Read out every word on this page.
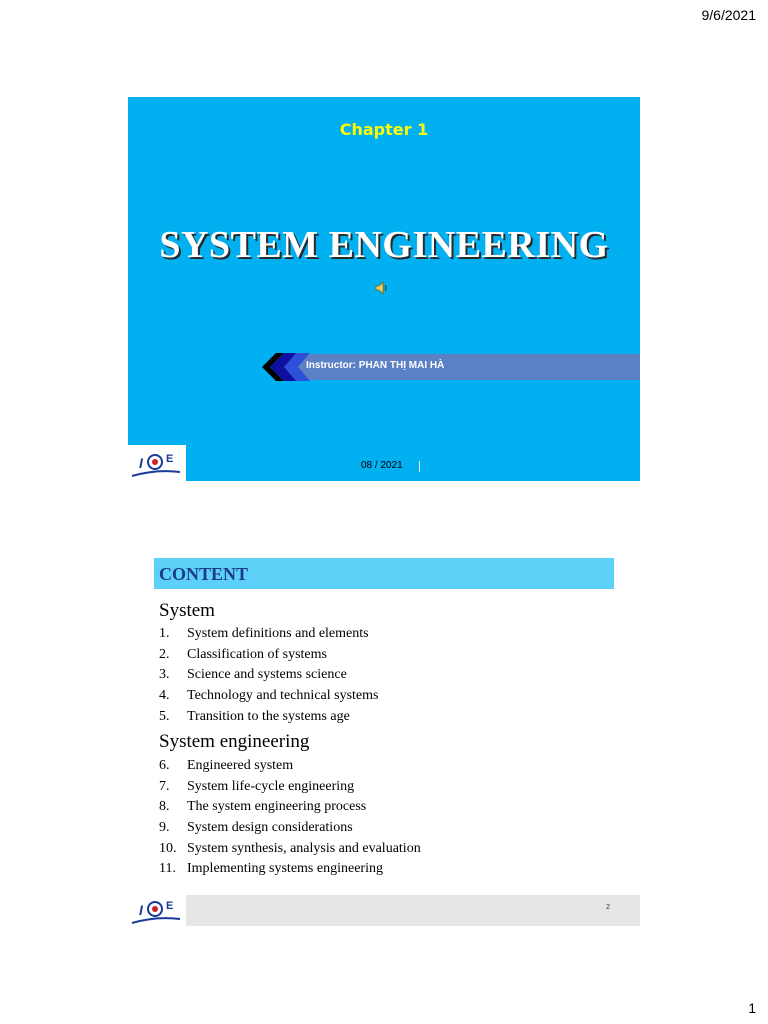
9/6/2021
Chapter 1
SYSTEM ENGINEERING
Instructor: PHAN THỊ MAI HÀ
I E
08 / 2021
CONTENT
System
1. System definitions and elements
2. Classification of systems
3. Science and systems science
4. Technology and technical systems
5. Transition to the systems age
System engineering
6. Engineered system
7. System life-cycle engineering
8. The system engineering process
9. System design considerations
10. System synthesis, analysis and evaluation
11. Implementing systems engineering
I E	2
1
